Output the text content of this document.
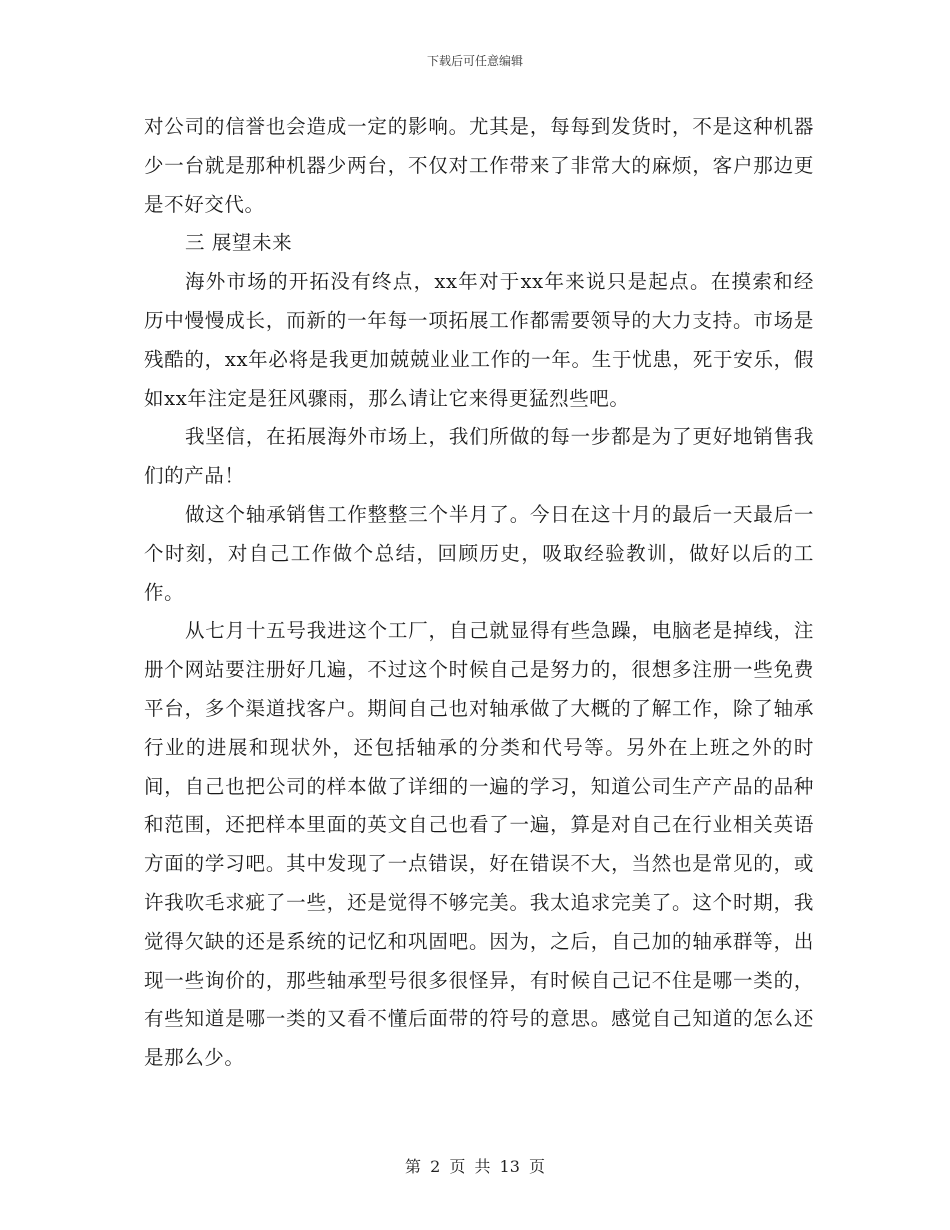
下载后可任意编辑

对公司的信誉也会造成一定的影响。尤其是，每每到发货时，不是这种机器少一台就是那种机器少两台，不仅对工作带来了非常大的麻烦，客户那边更是不好交代。

三 展望未来

海外市场的开拓没有终点，xx年对于xx年来说只是起点。在摸索和经历中慢慢成长，而新的一年每一项拓展工作都需要领导的大力支持。市场是残酷的，xx年必将是我更加兢兢业业工作的一年。生于忧患，死于安乐，假如xx年注定是狂风骤雨，那么请让它来得更猛烈些吧。

我坚信，在拓展海外市场上，我们所做的每一步都是为了更好地销售我们的产品！

做这个轴承销售工作整整三个半月了。今日在这十月的最后一天最后一个时刻，对自己工作做个总结，回顾历史，吸取经验教训，做好以后的工作。

从七月十五号我进这个工厂，自己就显得有些急躁，电脑老是掉线，注册个网站要注册好几遍，不过这个时候自己是努力的，很想多注册一些免费平台，多个渠道找客户。期间自己也对轴承做了大概的了解工作，除了轴承行业的进展和现状外，还包括轴承的分类和代号等。另外在上班之外的时间，自己也把公司的样本做了详细的一遍的学习，知道公司生产产品的品种和范围，还把样本里面的英文自己也看了一遍，算是对自己在行业相关英语方面的学习吧。其中发现了一点错误，好在错误不大，当然也是常见的，或许我吹毛求疵了一些，还是觉得不够完美。我太追求完美了。这个时期，我觉得欠缺的还是系统的记忆和巩固吧。因为，之后，自己加的轴承群等，出现一些询价的，那些轴承型号很多很怪异，有时候自己记不住是哪一类的，有些知道是哪一类的又看不懂后面带的符号的意思。感觉自己知道的怎么还是那么少。

第 2 页 共 13 页
